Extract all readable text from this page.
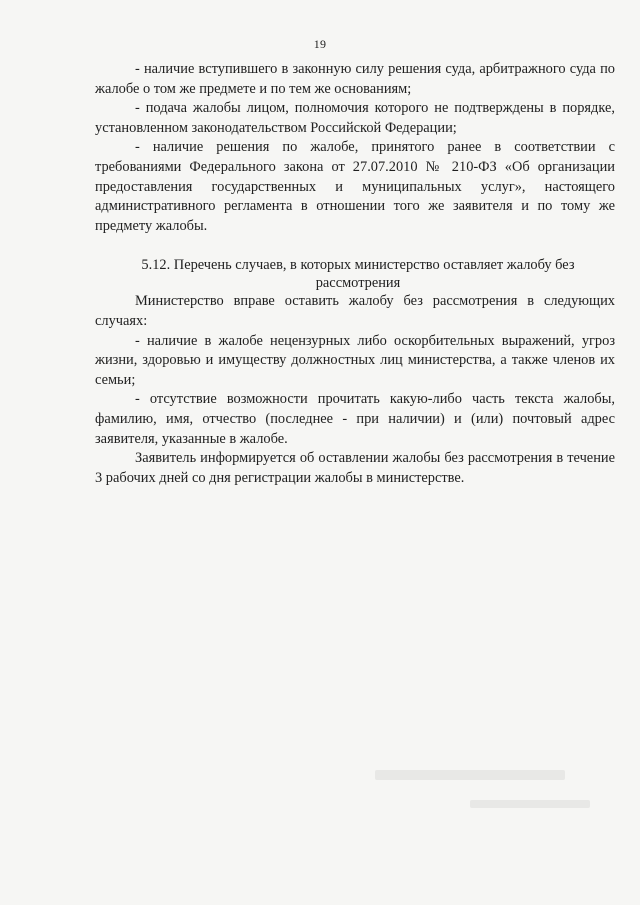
19

- наличие вступившего в законную силу решения суда, арбитражного суда по жалобе о том же предмете и по тем же основаниям;

- подача жалобы лицом, полномочия которого не подтверждены в порядке, установленном законодательством Российской Федерации;

- наличие решения по жалобе, принятого ранее в соответствии с требованиями Федерального закона от 27.07.2010 № 210-ФЗ «Об организации предоставления государственных и муниципальных услуг», настоящего административного регламента в отношении того же заявителя и по тому же предмету жалобы.

5.12. Перечень случаев, в которых министерство оставляет жалобу без
рассмотрения

Министерство вправе оставить жалобу без рассмотрения в следующих случаях:

- наличие в жалобе нецензурных либо оскорбительных выражений, угроз жизни, здоровью и имуществу должностных лиц министерства, а также членов их семьи;

- отсутствие возможности прочитать какую-либо часть текста жалобы, фамилию, имя, отчество (последнее - при наличии) и (или) почтовый адрес заявителя, указанные в жалобе.

Заявитель информируется об оставлении жалобы без рассмотрения в течение 3 рабочих дней со дня регистрации жалобы в министерстве.
